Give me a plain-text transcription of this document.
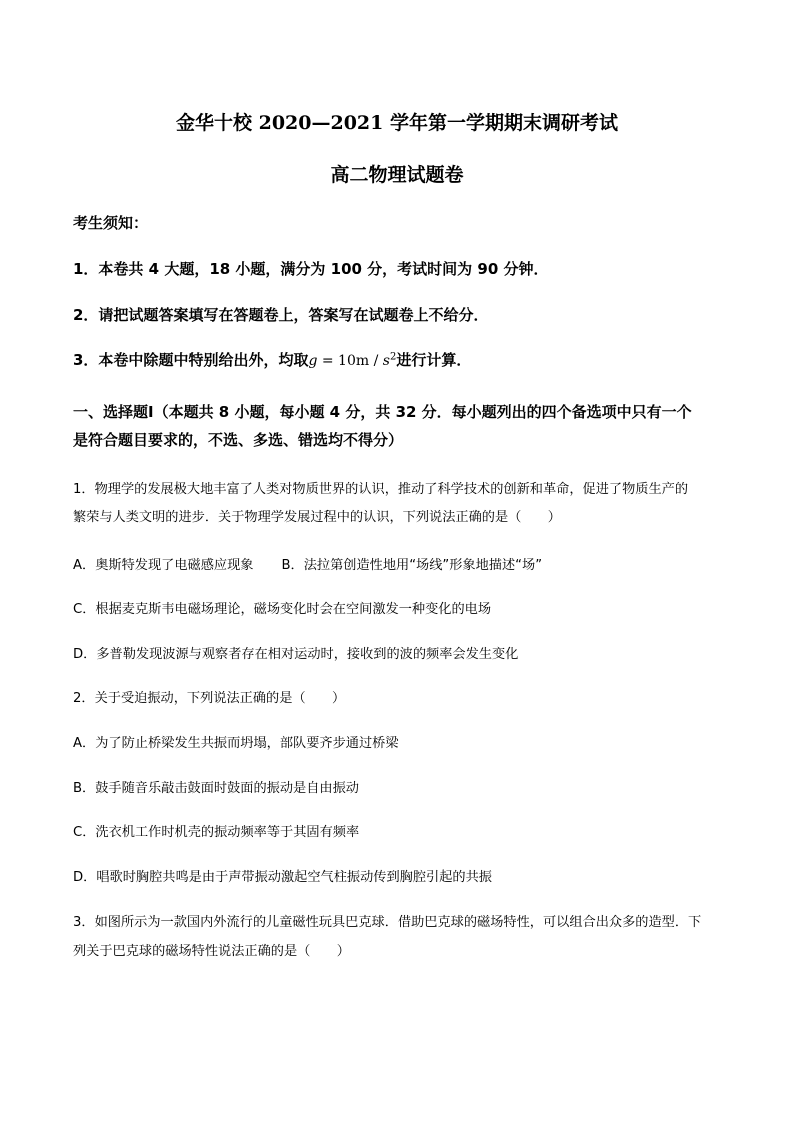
金华十校 2020—2021 学年第一学期期末调研考试
高二物理试题卷
考生须知：
1．本卷共 4 大题，18 小题，满分为 100 分，考试时间为 90 分钟．
2．请把试题答案填写在答题卷上，答案写在试题卷上不给分．
3．本卷中除题中特别给出外，均取$g = 10m / s^2$进行计算．
一、选择题Ⅰ（本题共 8 小题，每小题 4 分，共 32 分．每小题列出的四个备选项中只有一个
是符合题目要求的，不选、多选、错选均不得分）
1．物理学的发展极大地丰富了人类对物质世界的认识，推动了科学技术的创新和革命，促进了物质生产的
繁荣与人类文明的进步．关于物理学发展过程中的认识，下列说法正确的是（　　）
A．奥斯特发现了电磁感应现象 B．法拉第创造性地用“场线”形象地描述“场”
C．根据麦克斯韦电磁场理论，磁场变化时会在空间激发一种变化的电场
D．多普勒发现波源与观察者存在相对运动时，接收到的波的频率会发生变化
2．关于受迫振动，下列说法正确的是（　　）
A．为了防止桥梁发生共振而坍塌，部队要齐步通过桥梁
B．鼓手随音乐敲击鼓面时鼓面的振动是自由振动
C．洗衣机工作时机壳的振动频率等于其固有频率
D．唱歌时胸腔共鸣是由于声带振动激起空气柱振动传到胸腔引起的共振
3．如图所示为一款国内外流行的儿童磁性玩具巴克球．借助巴克球的磁场特性，可以组合出众多的造型．下
列关于巴克球的磁场特性说法正确的是（　　）
